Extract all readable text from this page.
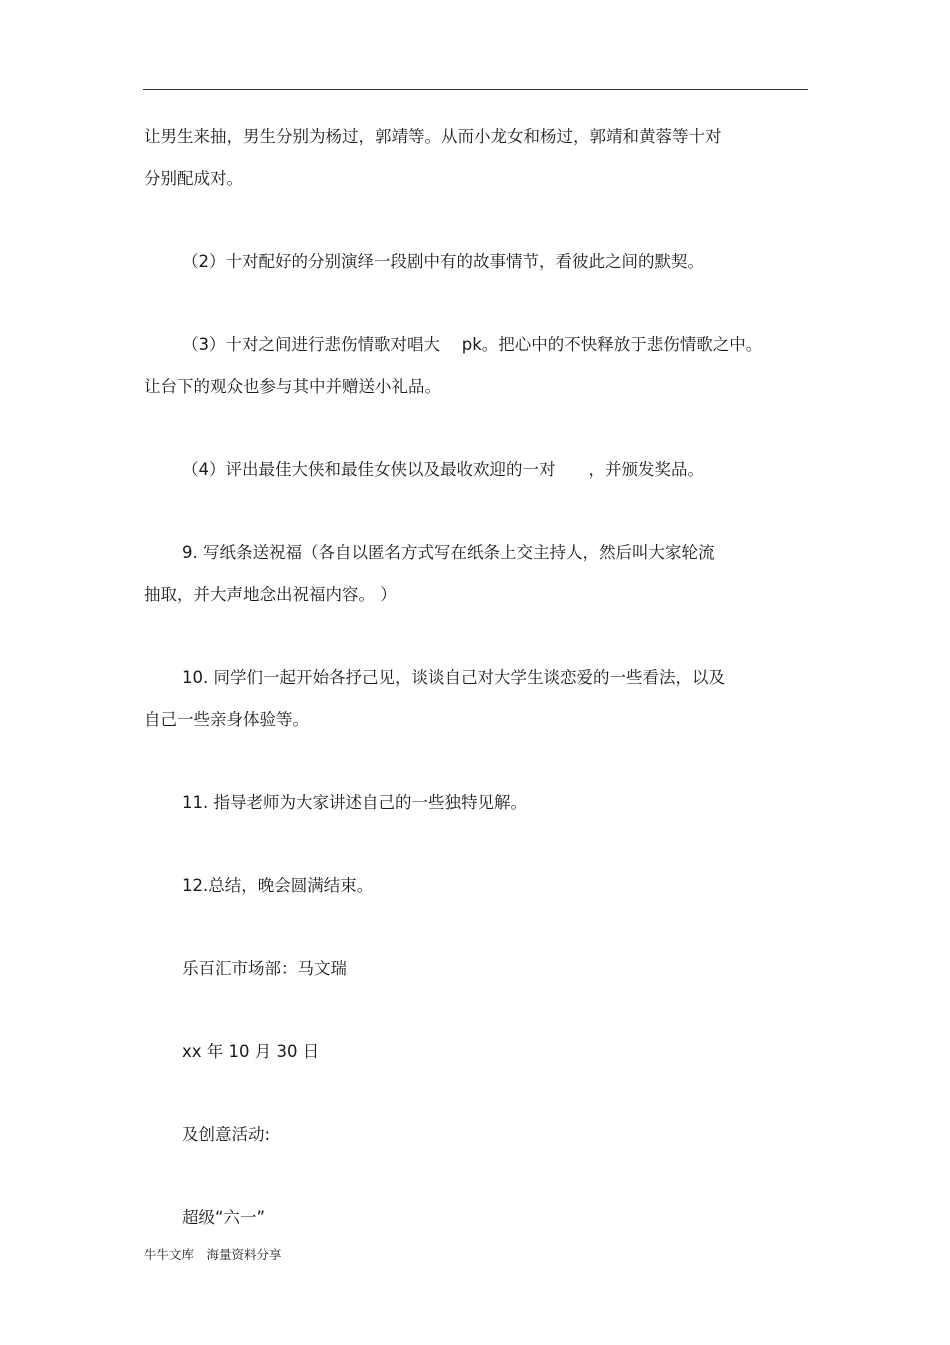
让男生来抽，男生分别为杨过，郭靖等。从而小龙女和杨过，郭靖和黄蓉等十对

分别配成对。

（2）十对配好的分别演绎一段剧中有的故事情节，看彼此之间的默契。

（3）十对之间进行悲伤情歌对唱大　 pk。把心中的不快释放于悲伤情歌之中。

让台下的观众也参与其中并赠送小礼品。

（4）评出最佳大侠和最佳女侠以及最收欢迎的一对　　，并颁发奖品。

9. 写纸条送祝福（各自以匿名方式写在纸条上交主持人，然后叫大家轮流

抽取，并大声地念出祝福内容。 ）

10. 同学们一起开始各抒己见，谈谈自己对大学生谈恋爱的一些看法，以及

自己一些亲身体验等。

11. 指导老师为大家讲述自己的一些独特见解。

12.总结，晚会圆满结束。

乐百汇市场部：马文瑞

xx 年 10 月 30 日

及创意活动:

超级“六一”

牛牛文库　海量资料分享
